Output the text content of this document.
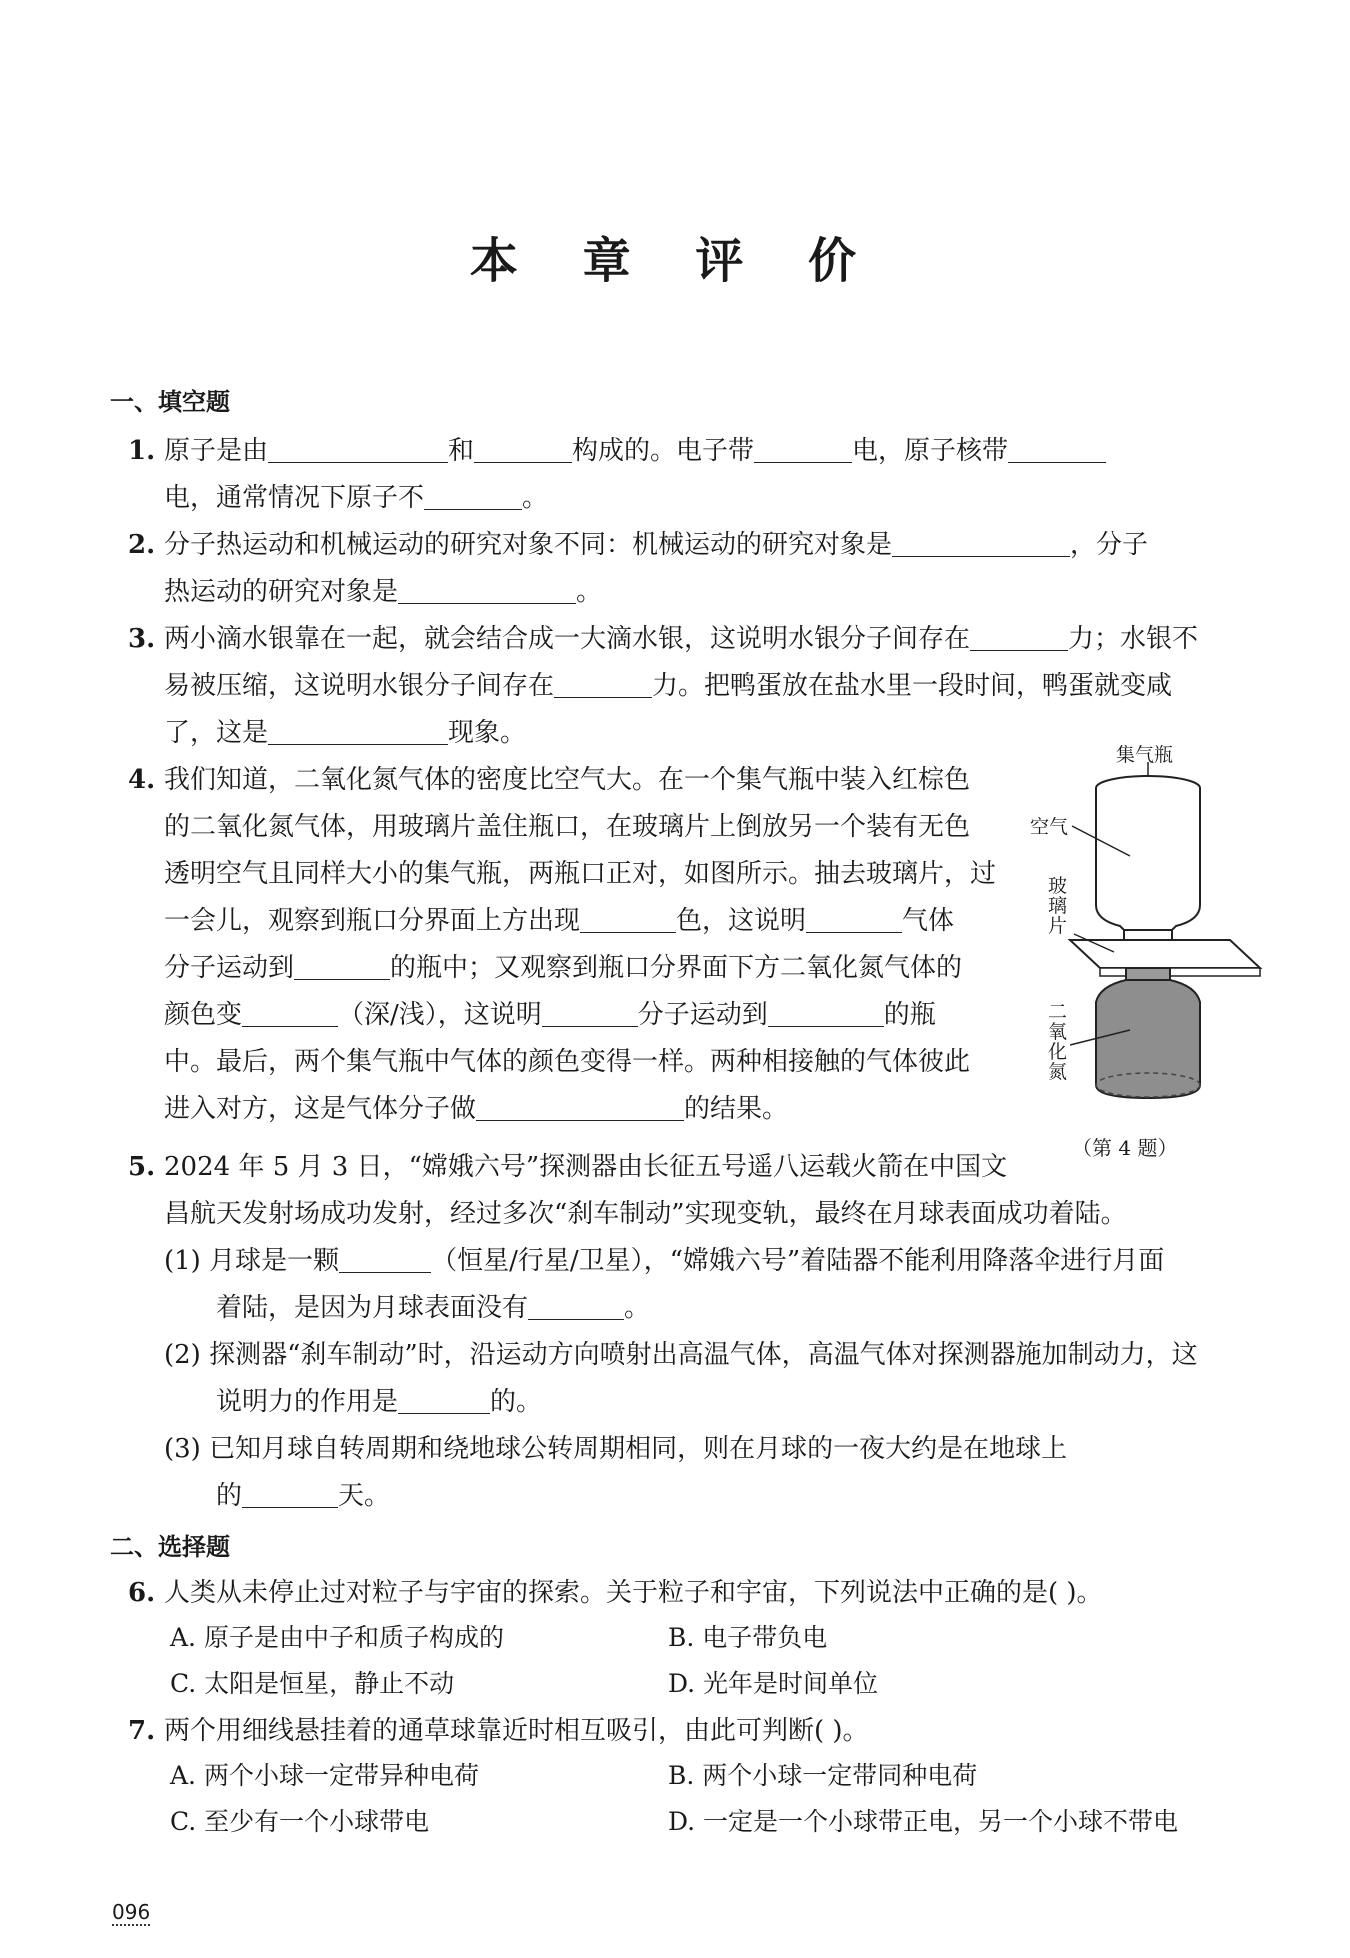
本 章 评 价
一、填空题
1. 原子是由	和	构成的。电子带	电，原子核带
电，通常情况下原子不	。
2. 分子热运动和机械运动的研究对象不同：机械运动的研究对象是	，分子
热运动的研究对象是	。
3. 两小滴水银靠在一起，就会结合成一大滴水银，这说明水银分子间存在	力；水银不
易被压缩，这说明水银分子间存在	力。把鸭蛋放在盐水里一段时间，鸭蛋就变咸
了，这是	现象。
4. 我们知道，二氧化氮气体的密度比空气大。在一个集气瓶中装入红棕色
的二氧化氮气体，用玻璃片盖住瓶口，在玻璃片上倒放另一个装有无色
透明空气且同样大小的集气瓶，两瓶口正对，如图所示。抽去玻璃片，过
一会儿，观察到瓶口分界面上方出现	色，这说明	气体
分子运动到	的瓶中；又观察到瓶口分界面下方二氧化氮气体的
颜色变	（深/浅），这说明	分子运动到	的瓶
中。最后，两个集气瓶中气体的颜色变得一样。两种相接触的气体彼此
进入对方，这是气体分子做	的结果。
集气瓶
空气
玻
璃
片
二
氧
化
氮
（第 4 题）
5. 2024 年 5 月 3 日，“嫦娥六号”探测器由长征五号遥八运载火箭在中国文
昌航天发射场成功发射，经过多次“刹车制动”实现变轨，最终在月球表面成功着陆。
(1) 月球是一颗	（恒星/行星/卫星），“嫦娥六号”着陆器不能利用降落伞进行月面
着陆，是因为月球表面没有	。
(2) 探测器“刹车制动”时，沿运动方向喷射出高温气体，高温气体对探测器施加制动力，这
说明力的作用是	的。
(3) 已知月球自转周期和绕地球公转周期相同，则在月球的一夜大约是在地球上
的	天。
二、选择题
6. 人类从未停止过对粒子与宇宙的探索。关于粒子和宇宙，下列说法中正确的是( )。
A. 原子是由中子和质子构成的	B. 电子带负电
C. 太阳是恒星，静止不动	D. 光年是时间单位
7. 两个用细线悬挂着的通草球靠近时相互吸引，由此可判断( )。
A. 两个小球一定带异种电荷	B. 两个小球一定带同种电荷
C. 至少有一个小球带电	D. 一定是一个小球带正电，另一个小球不带电
096
